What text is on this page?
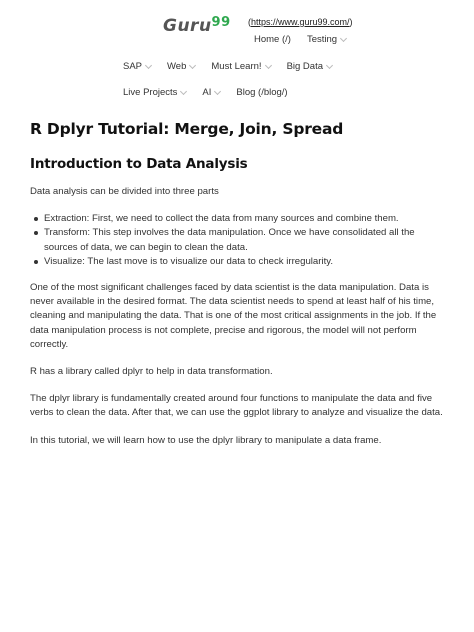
Guru$^{99}$ (https://www.guru99.com/)
Home (/) Testing
SAP	Web	Must Learn!	Big Data
Live Projects	AI	Blog (/blog/)
R Dplyr Tutorial: Merge, Join, Spread
Introduction to Data Analysis

Data analysis can be divided into three parts

Extraction: First, we need to collect the data from many sources and combine them.
Transform: This step involves the data manipulation. Once we have consolidated all the sources of data, we can begin to clean the data.
Visualize: The last move is to visualize our data to check irregularity.

One of the most significant challenges faced by data scientist is the data manipulation. Data is never available in the desired format. The data scientist needs to spend at least half of his time, cleaning and manipulating the data. That is one of the most critical assignments in the job. If the data manipulation process is not complete, precise and rigorous, the model will not perform correctly.

R has a library called dplyr to help in data transformation.

The dplyr library is fundamentally created around four functions to manipulate the data and five verbs to clean the data. After that, we can use the ggplot library to analyze and visualize the data.

In this tutorial, we will learn how to use the dplyr library to manipulate a data frame.
